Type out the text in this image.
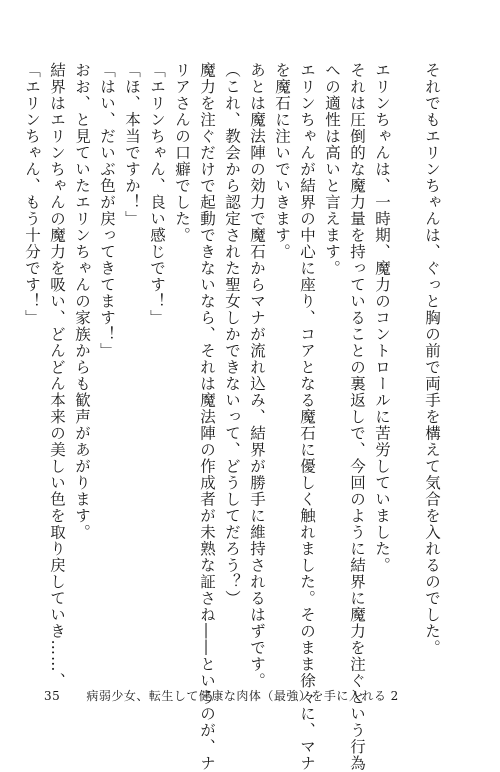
それでもエリンちゃんは、ぐっと胸の前で両手を構えて気合を入れるのでした。
エリンちゃんは、一時期、魔力のコントロールに苦労していました。
それは圧倒的な魔力量を持っていることの裏返しで、今回のように結界に魔力を注ぐという行為
への適性は高いと言えます。
エリンちゃんが結界の中心に座り、コアとなる魔石に優しく触れました。そのまま徐々に、マナ
を魔石に注いでいきます。
あとは魔法陣の効力で魔石からマナが流れ込み、結界が勝手に維持されるはずです。
（これ、教会から認定された聖女しかできないって、どうしてだろう？）
魔力を注ぐだけで起動できないなら、それは魔法陣の作成者が未熟な証さね――というのが、ナ
リアさんの口癖でした。
「エリンちゃん、良い感じです！」
「ほ、本当ですか！」
「はい、だいぶ色が戻ってきてます！」
おお、と見ていたエリンちゃんの家族からも歓声があがります。
結界はエリンちゃんの魔力を吸い、どんどん本来の美しい色を取り戻していき……、
「エリンちゃん、もう十分です！」
35 病弱少女、転生して健康な肉体（最強）を手に入れる 2
